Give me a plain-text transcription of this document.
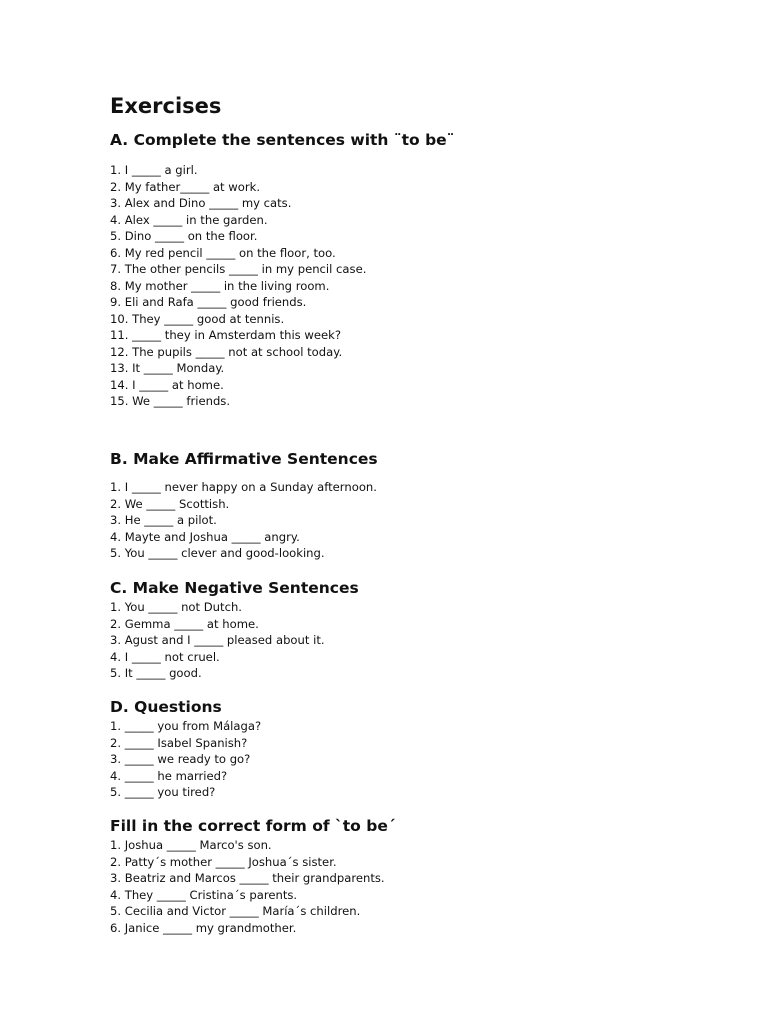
Exercises
A. Complete the sentences with ¨to be¨
1. I _____ a girl.
2. My father_____ at work.
3. Alex and Dino _____ my cats.
4. Alex _____ in the garden.
5. Dino _____ on the floor.
6. My red pencil _____ on the floor, too.
7. The other pencils _____ in my pencil case.
8. My mother _____ in the living room.
9. Eli and Rafa _____ good friends.
10. They _____ good at tennis.
11. _____ they in Amsterdam this week?
12. The pupils _____ not at school today.
13. It _____ Monday.
14. I _____ at home.
15. We _____ friends.
B. Make Affirmative Sentences
1. I _____ never happy on a Sunday afternoon.
2. We _____ Scottish.
3. He _____ a pilot.
4. Mayte and Joshua _____ angry.
5. You _____ clever and good-looking.
C. Make Negative Sentences
1. You _____ not Dutch.
2. Gemma _____ at home.
3. Agust and I _____ pleased about it.
4. I _____ not cruel.
5. It _____ good.
D. Questions
1. _____ you from Málaga?
2. _____ Isabel Spanish?
3. _____ we ready to go?
4. _____ he married?
5. _____ you tired?
Fill in the correct form of `to be´
1. Joshua _____ Marco's son.
2. Patty´s mother _____ Joshua´s sister.
3. Beatriz and Marcos _____ their grandparents.
4. They _____ Cristina´s parents.
5. Cecilia and Victor _____ María´s children.
6. Janice _____ my grandmother.
